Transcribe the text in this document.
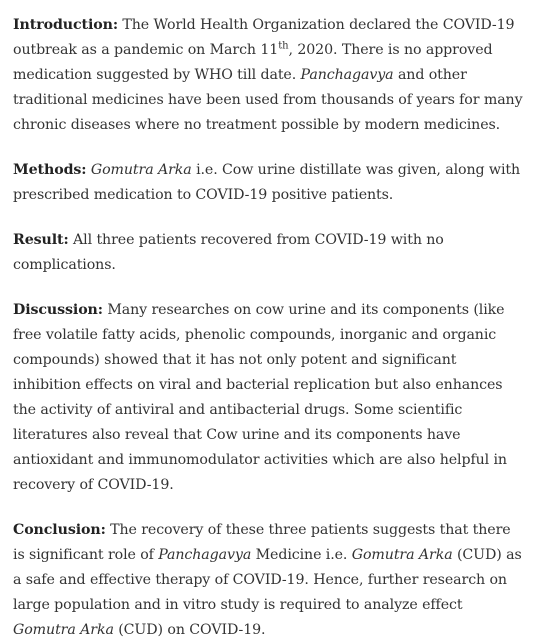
Introduction: The World Health Organization declared the COVID-19 outbreak as a pandemic on March 11th, 2020. There is no approved medication suggested by WHO till date. Panchagavya and other traditional medicines have been used from thousands of years for many chronic diseases where no treatment possible by modern medicines.

Methods: Gomutra Arka i.e. Cow urine distillate was given, along with prescribed medication to COVID-19 positive patients.

Result: All three patients recovered from COVID-19 with no complications.

Discussion: Many researches on cow urine and its components (like free volatile fatty acids, phenolic compounds, inorganic and organic compounds) showed that it has not only potent and significant inhibition effects on viral and bacterial replication but also enhances the activity of antiviral and antibacterial drugs. Some scientific literatures also reveal that Cow urine and its components have antioxidant and immunomodulator activities which are also helpful in recovery of COVID-19.

Conclusion: The recovery of these three patients suggests that there is significant role of Panchagavya Medicine i.e. Gomutra Arka (CUD) as a safe and effective therapy of COVID-19. Hence, further research on large population and in vitro study is required to analyze effect Gomutra Arka (CUD) on COVID-19.
